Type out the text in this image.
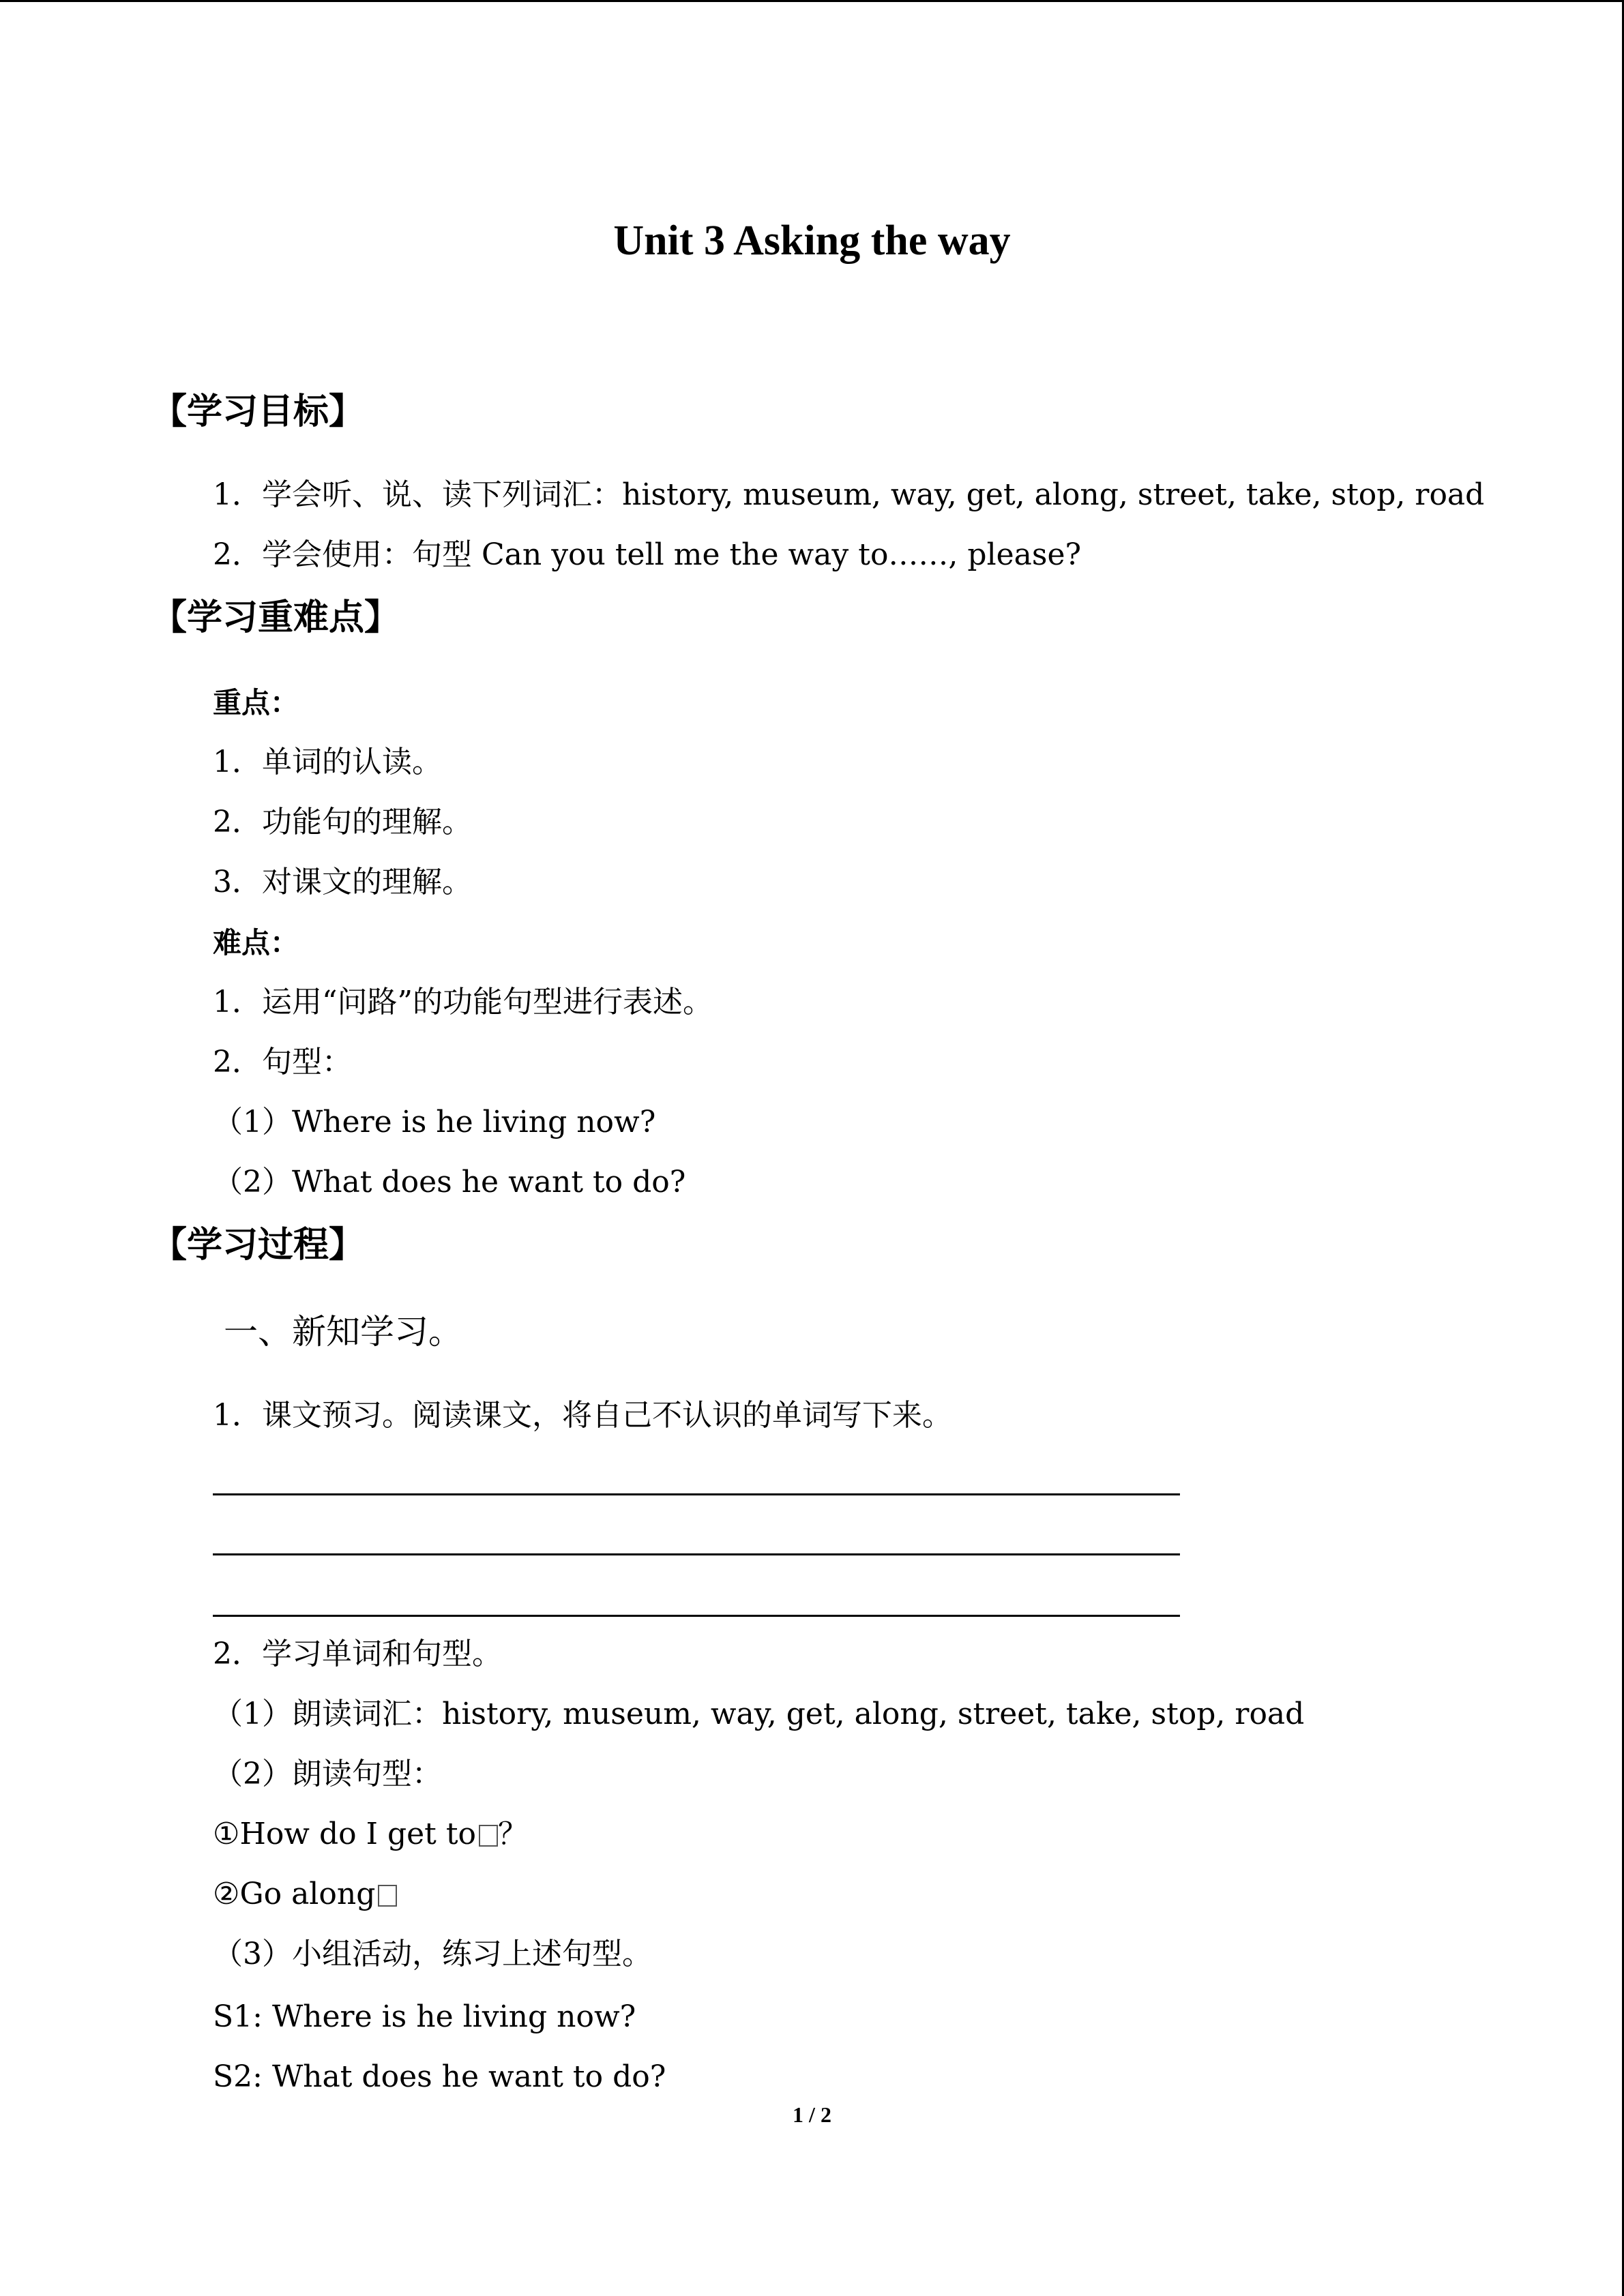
Unit 3 Asking the way
【学习目标】
1．学会听、说、读下列词汇：history, museum, way, get, along, street, take, stop, road
2．学会使用：句型 Can you tell me the way to……, please?
【学习重难点】
重点：
1．单词的认读。
2．功能句的理解。
3．对课文的理解。
难点：
1．运用“问路”的功能句型进行表述。
2．句型：
（1）Where is he living now?
（2）What does he want to do?
【学习过程】
一、新知学习。
1．课文预习。阅读课文，将自己不认识的单词写下来。
2．学习单词和句型。
（1）朗读词汇：history, museum, way, get, along, street, take, stop, road
（2）朗读句型：
①How do I get to ？
②Go along
（3）小组活动，练习上述句型。
S1: Where is he living now?
S2: What does he want to do?
1 / 2
